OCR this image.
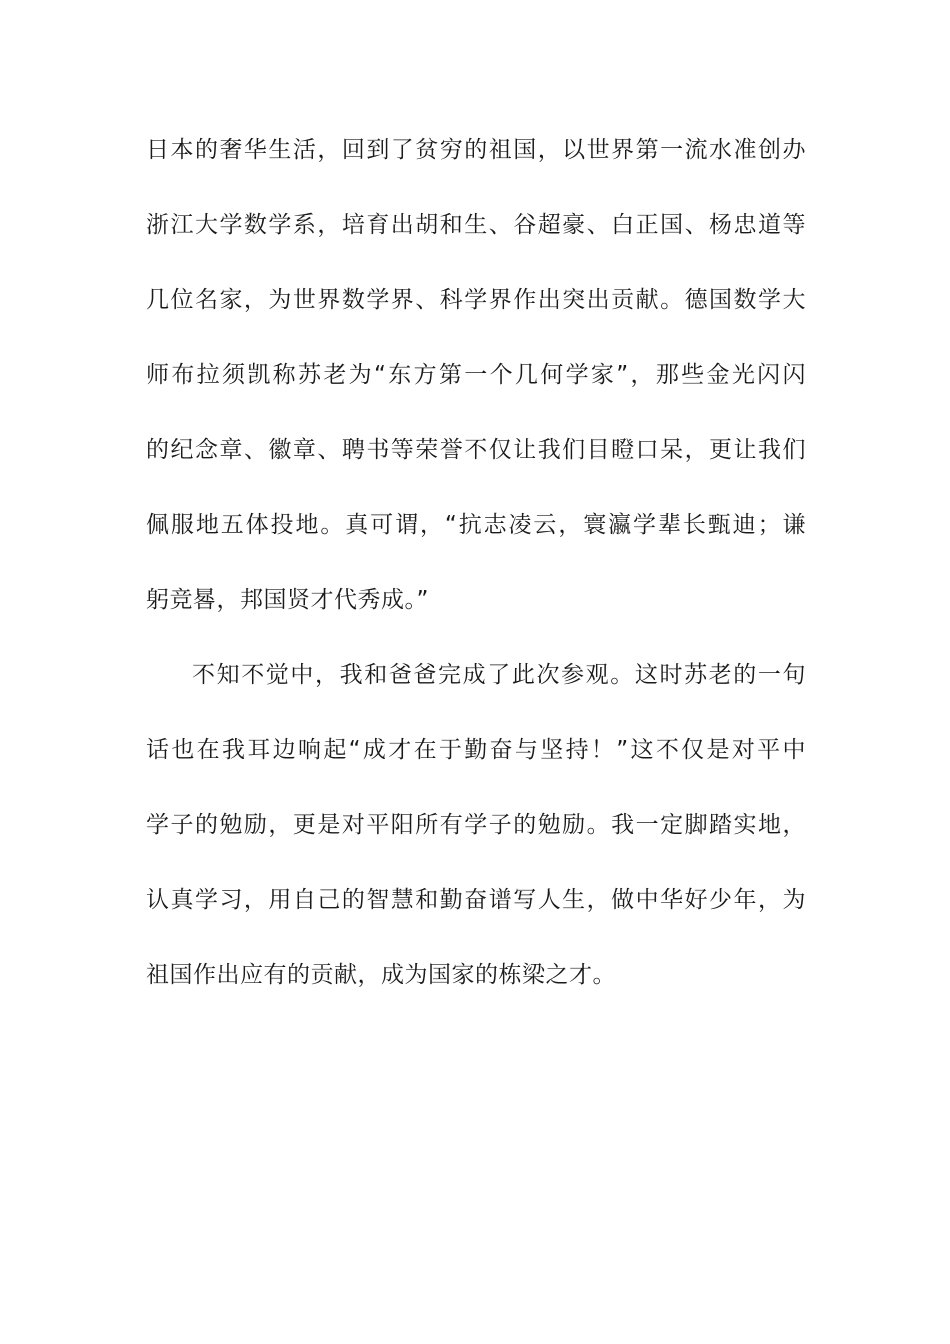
日本的奢华生活，回到了贫穷的祖国，以世界第一流水准创办
浙江大学数学系，培育出胡和生、谷超豪、白正国、杨忠道等
几位名家，为世界数学界、科学界作出突出贡献。德国数学大
师布拉须凯称苏老为“东方第一个几何学家”，那些金光闪闪
的纪念章、徽章、聘书等荣誉不仅让我们目瞪口呆，更让我们
佩服地五体投地。真可谓，“抗志凌云，寰瀛学辈长甄迪；谦
躬竞晷，邦国贤才代秀成。”
不知不觉中，我和爸爸完成了此次参观。这时苏老的一句
话也在我耳边响起“成才在于勤奋与坚持！”这不仅是对平中
学子的勉励，更是对平阳所有学子的勉励。我一定脚踏实地，
认真学习，用自己的智慧和勤奋谱写人生，做中华好少年，为
祖国作出应有的贡献，成为国家的栋梁之才。
